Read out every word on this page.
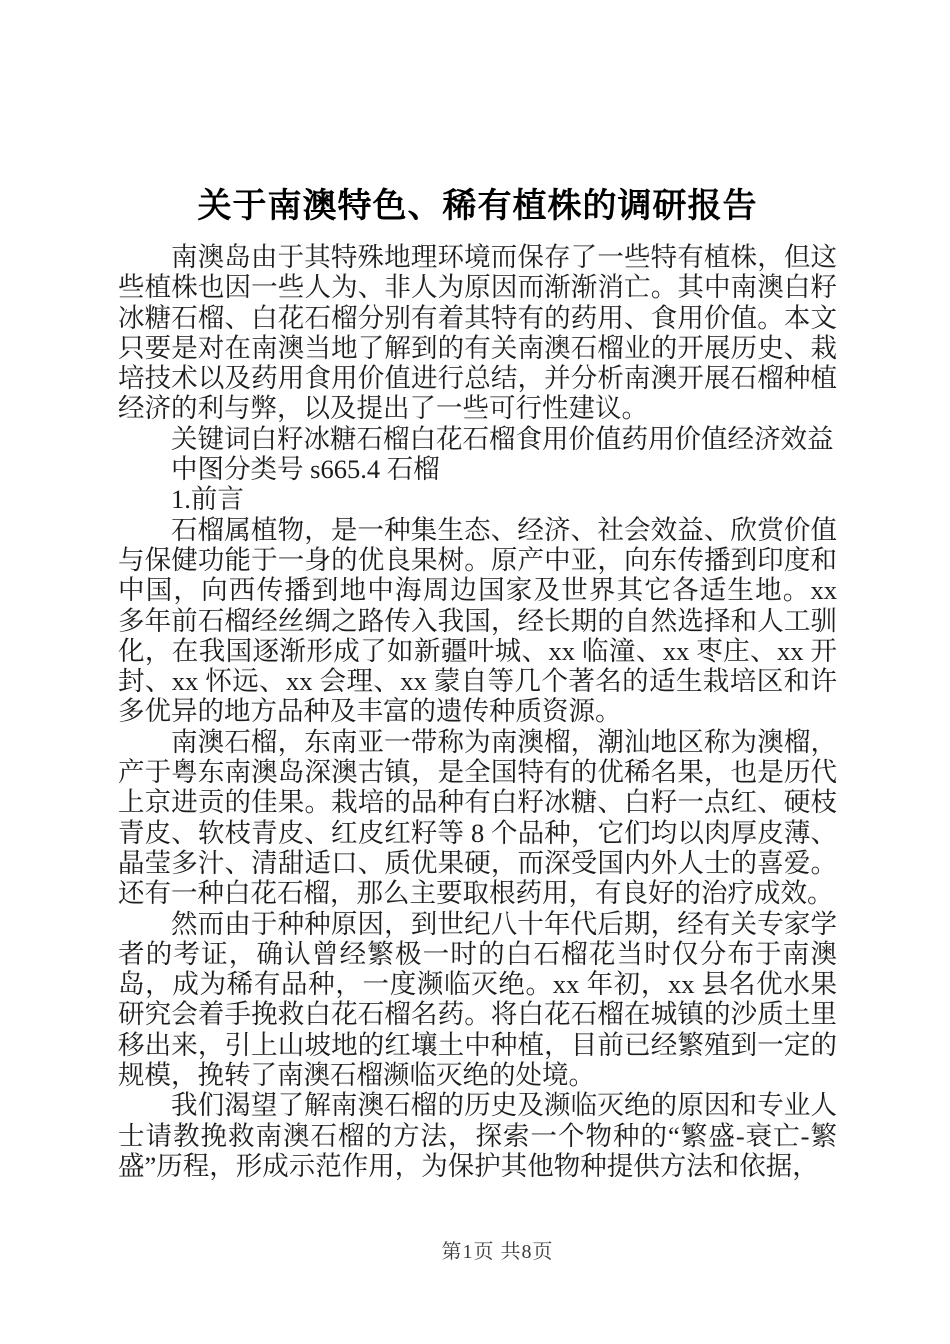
关于南澳特色、稀有植株的调研报告

南澳岛由于其特殊地理环境而保存了一些特有植株，但这些植株也因一些人为、非人为原因而渐渐消亡。其中南澳白籽冰糖石榴、白花石榴分别有着其特有的药用、食用价值。本文只要是对在南澳当地了解到的有关南澳石榴业的开展历史、栽培技术以及药用食用价值进行总结，并分析南澳开展石榴种植经济的利与弊，以及提出了一些可行性建议。

关键词白籽冰糖石榴白花石榴食用价值药用价值经济效益

中图分类号 s665.4 石榴

1.前言

石榴属植物，是一种集生态、经济、社会效益、欣赏价值与保健功能于一身的优良果树。原产中亚，向东传播到印度和中国，向西传播到地中海周边国家及世界其它各适生地。xx 多年前石榴经丝绸之路传入我国，经长期的自然选择和人工驯化，在我国逐渐形成了如新疆叶城、xx 临潼、xx 枣庄、xx 开封、xx 怀远、xx 会理、xx 蒙自等几个著名的适生栽培区和许多优异的地方品种及丰富的遗传种质资源。

南澳石榴，东南亚一带称为南澳榴，潮汕地区称为澳榴，产于粤东南澳岛深澳古镇，是全国特有的优稀名果，也是历代上京进贡的佳果。栽培的品种有白籽冰糖、白籽一点红、硬枝青皮、软枝青皮、红皮红籽等 8 个品种，它们均以肉厚皮薄、晶莹多汁、清甜适口、质优果硬，而深受国内外人士的喜爱。还有一种白花石榴，那么主要取根药用，有良好的治疗成效。

然而由于种种原因，到世纪八十年代后期，经有关专家学者的考证，确认曾经繁极一时的白石榴花当时仅分布于南澳岛，成为稀有品种，一度濒临灭绝。xx 年初，xx 县名优水果研究会着手挽救白花石榴名药。将白花石榴在城镇的沙质土里移出来，引上山坡地的红壤土中种植，目前已经繁殖到一定的规模，挽转了南澳石榴濒临灭绝的处境。

我们渴望了解南澳石榴的历史及濒临灭绝的原因和专业人士请教挽救南澳石榴的方法，探索一个物种的“繁盛-衰亡-繁盛”历程，形成示范作用，为保护其他物种提供方法和依据，

第1页 共8页
